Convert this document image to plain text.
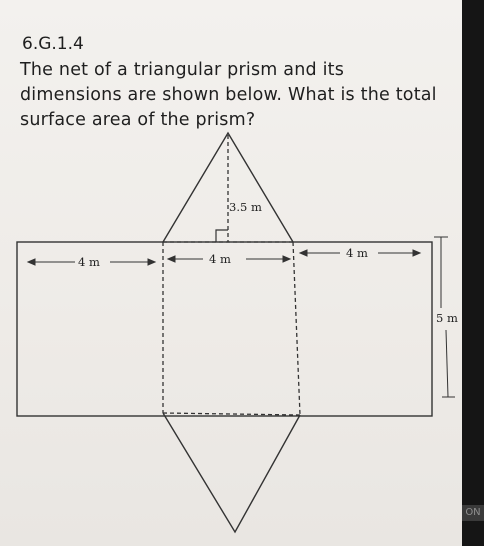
ON
6.G.1.4
The net of a triangular prism and its dimensions are shown below. What is the total surface area of the prism?
3.5 m
4 m	4 m	4 m
5 m
